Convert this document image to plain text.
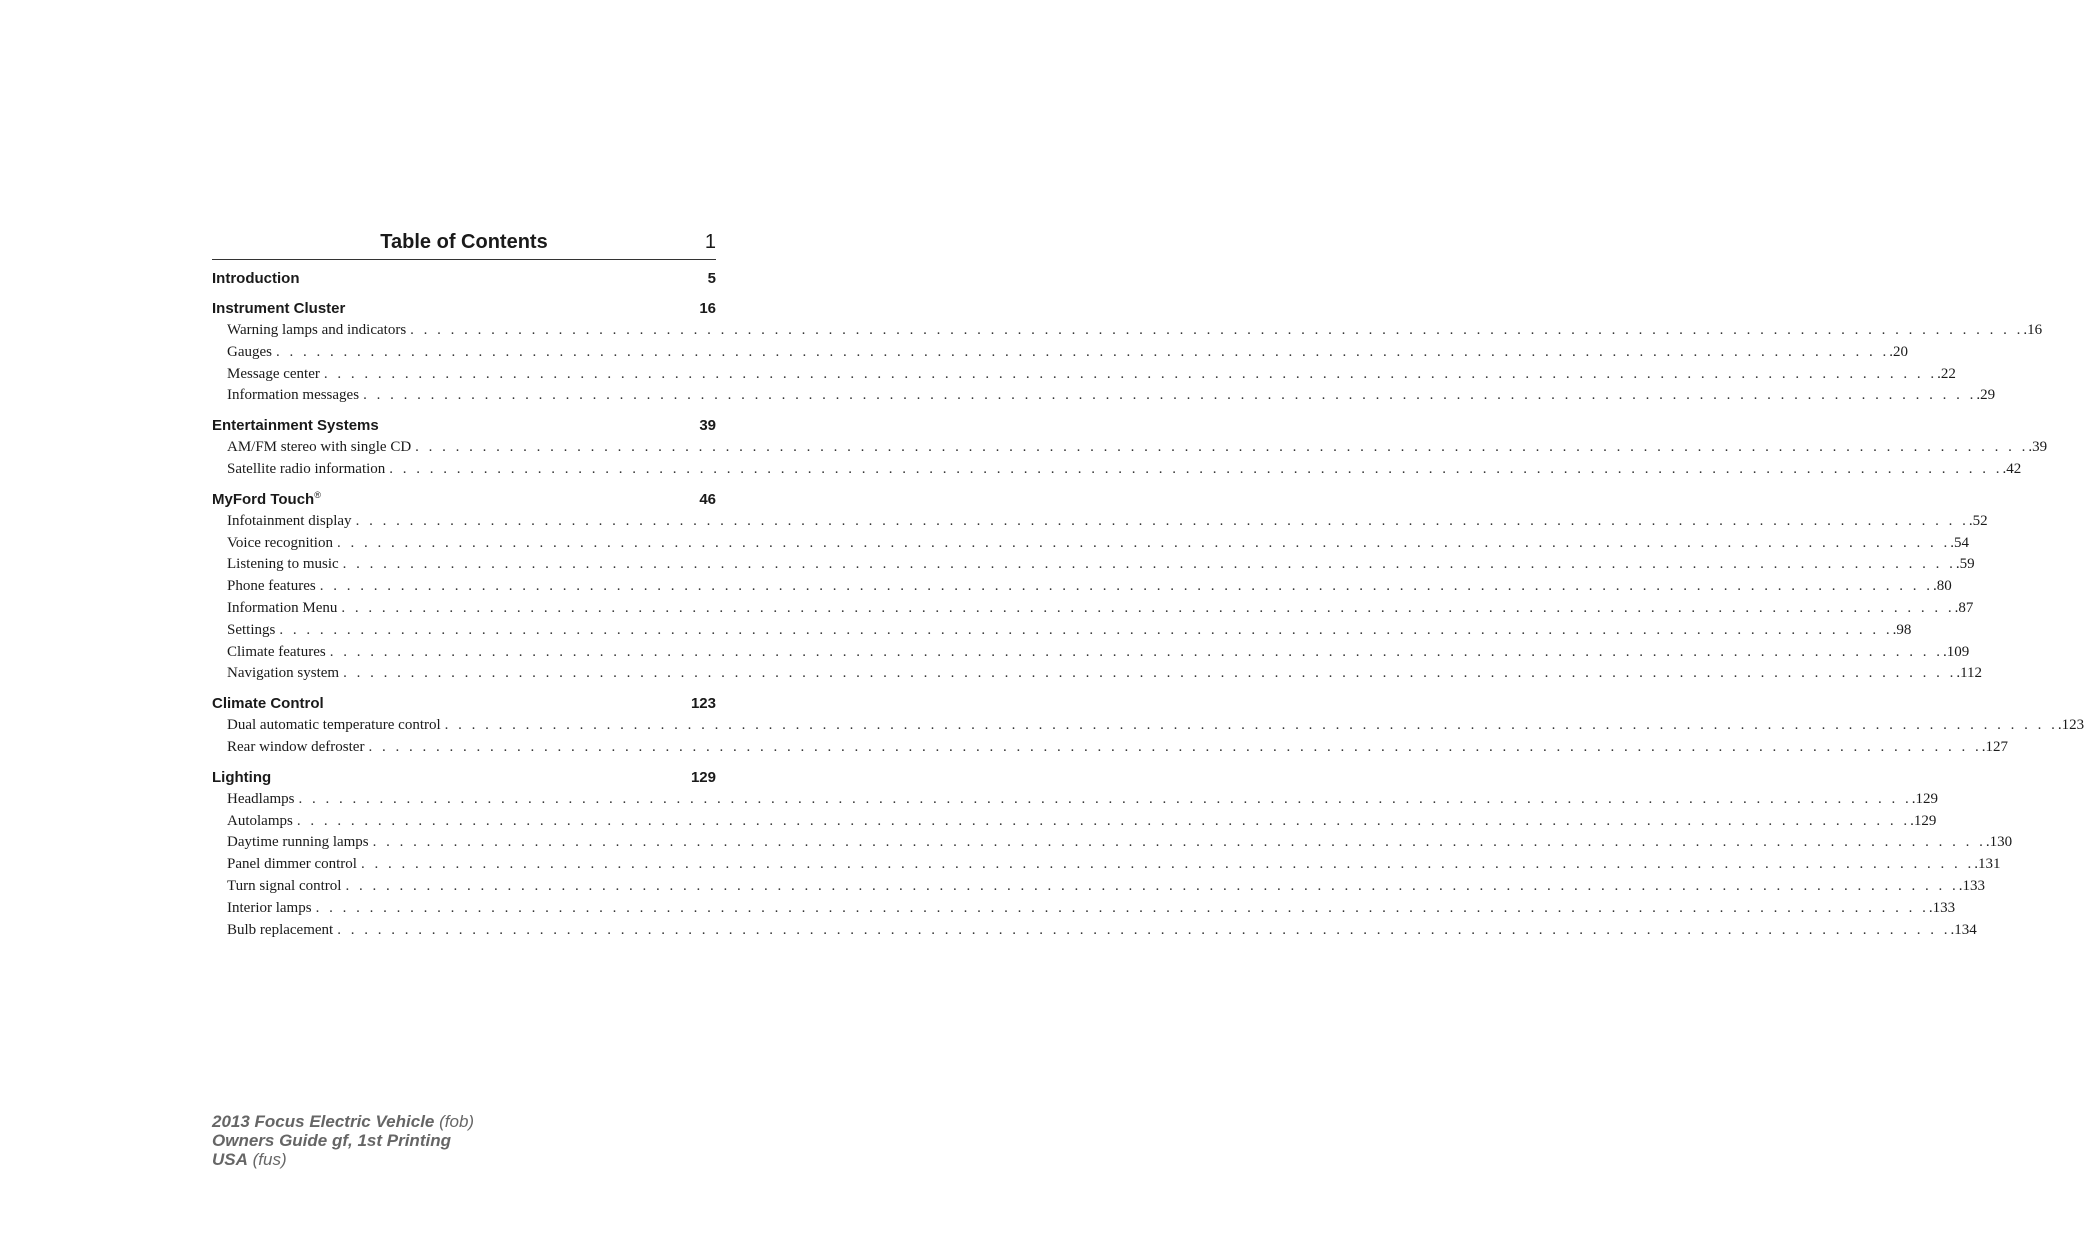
Table of Contents	1
Introduction	5
Instrument Cluster	16
Warning lamps and indicators . . . . . . . . . . . . . . . . . . . . . . . . . . . . . . . . . . . . . . . . . . . . . . . . . . . . . . . . . . . . . . . . . . . . . . . . . . . . . . . . . . . . . . . . . . . . . . . . . . . . . . . . . . . . . . . . . . . . . . . . .16
Gauges . . . . . . . . . . . . . . . . . . . . . . . . . . . . . . . . . . . . . . . . . . . . . . . . . . . . . . . . . . . . . . . . . . . . . . . . . . . . . . . . . . . . . . . . . . . . . . . . . . . . . . . . . . . . . . . . . . . . . . . . .20
Message center . . . . . . . . . . . . . . . . . . . . . . . . . . . . . . . . . . . . . . . . . . . . . . . . . . . . . . . . . . . . . . . . . . . . . . . . . . . . . . . . . . . . . . . . . . . . . . . . . . . . . . . . . . . . . . . . . . . . . . . . .22
Information messages . . . . . . . . . . . . . . . . . . . . . . . . . . . . . . . . . . . . . . . . . . . . . . . . . . . . . . . . . . . . . . . . . . . . . . . . . . . . . . . . . . . . . . . . . . . . . . . . . . . . . . . . . . . . . . . . . . . . . . . . .29
Entertainment Systems	39
AM/FM stereo with single CD . . . . . . . . . . . . . . . . . . . . . . . . . . . . . . . . . . . . . . . . . . . . . . . . . . . . . . . . . . . . . . . . . . . . . . . . . . . . . . . . . . . . . . . . . . . . . . . . . . . . . . . . . . . . . . . . . . . . . . . . .39
Satellite radio information . . . . . . . . . . . . . . . . . . . . . . . . . . . . . . . . . . . . . . . . . . . . . . . . . . . . . . . . . . . . . . . . . . . . . . . . . . . . . . . . . . . . . . . . . . . . . . . . . . . . . . . . . . . . . . . . . . . . . . . . .42
MyFord Touch®	46
Infotainment display . . . . . . . . . . . . . . . . . . . . . . . . . . . . . . . . . . . . . . . . . . . . . . . . . . . . . . . . . . . . . . . . . . . . . . . . . . . . . . . . . . . . . . . . . . . . . . . . . . . . . . . . . . . . . . . . . . . . . . . . .52
Voice recognition . . . . . . . . . . . . . . . . . . . . . . . . . . . . . . . . . . . . . . . . . . . . . . . . . . . . . . . . . . . . . . . . . . . . . . . . . . . . . . . . . . . . . . . . . . . . . . . . . . . . . . . . . . . . . . . . . . . . . . . . .54
Listening to music . . . . . . . . . . . . . . . . . . . . . . . . . . . . . . . . . . . . . . . . . . . . . . . . . . . . . . . . . . . . . . . . . . . . . . . . . . . . . . . . . . . . . . . . . . . . . . . . . . . . . . . . . . . . . . . . . . . . . . . . .59
Phone features . . . . . . . . . . . . . . . . . . . . . . . . . . . . . . . . . . . . . . . . . . . . . . . . . . . . . . . . . . . . . . . . . . . . . . . . . . . . . . . . . . . . . . . . . . . . . . . . . . . . . . . . . . . . . . . . . . . . . . . . .80
Information Menu . . . . . . . . . . . . . . . . . . . . . . . . . . . . . . . . . . . . . . . . . . . . . . . . . . . . . . . . . . . . . . . . . . . . . . . . . . . . . . . . . . . . . . . . . . . . . . . . . . . . . . . . . . . . . . . . . . . . . . . . .87
Settings . . . . . . . . . . . . . . . . . . . . . . . . . . . . . . . . . . . . . . . . . . . . . . . . . . . . . . . . . . . . . . . . . . . . . . . . . . . . . . . . . . . . . . . . . . . . . . . . . . . . . . . . . . . . . . . . . . . . . . . . .98
Climate features . . . . . . . . . . . . . . . . . . . . . . . . . . . . . . . . . . . . . . . . . . . . . . . . . . . . . . . . . . . . . . . . . . . . . . . . . . . . . . . . . . . . . . . . . . . . . . . . . . . . . . . . . . . . . . . . . . . . . . . . .109
Navigation system . . . . . . . . . . . . . . . . . . . . . . . . . . . . . . . . . . . . . . . . . . . . . . . . . . . . . . . . . . . . . . . . . . . . . . . . . . . . . . . . . . . . . . . . . . . . . . . . . . . . . . . . . . . . . . . . . . . . . . . . .112
Climate Control	123
Dual automatic temperature control . . . . . . . . . . . . . . . . . . . . . . . . . . . . . . . . . . . . . . . . . . . . . . . . . . . . . . . . . . . . . . . . . . . . . . . . . . . . . . . . . . . . . . . . . . . . . . . . . . . . . . . . . . . . . . . . . . . . . . . . .123
Rear window defroster . . . . . . . . . . . . . . . . . . . . . . . . . . . . . . . . . . . . . . . . . . . . . . . . . . . . . . . . . . . . . . . . . . . . . . . . . . . . . . . . . . . . . . . . . . . . . . . . . . . . . . . . . . . . . . . . . . . . . . . . .127
Lighting	129
Headlamps . . . . . . . . . . . . . . . . . . . . . . . . . . . . . . . . . . . . . . . . . . . . . . . . . . . . . . . . . . . . . . . . . . . . . . . . . . . . . . . . . . . . . . . . . . . . . . . . . . . . . . . . . . . . . . . . . . . . . . . . .129
Autolamps . . . . . . . . . . . . . . . . . . . . . . . . . . . . . . . . . . . . . . . . . . . . . . . . . . . . . . . . . . . . . . . . . . . . . . . . . . . . . . . . . . . . . . . . . . . . . . . . . . . . . . . . . . . . . . . . . . . . . . . . .129
Daytime running lamps . . . . . . . . . . . . . . . . . . . . . . . . . . . . . . . . . . . . . . . . . . . . . . . . . . . . . . . . . . . . . . . . . . . . . . . . . . . . . . . . . . . . . . . . . . . . . . . . . . . . . . . . . . . . . . . . . . . . . . . . .130
Panel dimmer control . . . . . . . . . . . . . . . . . . . . . . . . . . . . . . . . . . . . . . . . . . . . . . . . . . . . . . . . . . . . . . . . . . . . . . . . . . . . . . . . . . . . . . . . . . . . . . . . . . . . . . . . . . . . . . . . . . . . . . . . .131
Turn signal control . . . . . . . . . . . . . . . . . . . . . . . . . . . . . . . . . . . . . . . . . . . . . . . . . . . . . . . . . . . . . . . . . . . . . . . . . . . . . . . . . . . . . . . . . . . . . . . . . . . . . . . . . . . . . . . . . . . . . . . . .133
Interior lamps . . . . . . . . . . . . . . . . . . . . . . . . . . . . . . . . . . . . . . . . . . . . . . . . . . . . . . . . . . . . . . . . . . . . . . . . . . . . . . . . . . . . . . . . . . . . . . . . . . . . . . . . . . . . . . . . . . . . . . . . .133
Bulb replacement . . . . . . . . . . . . . . . . . . . . . . . . . . . . . . . . . . . . . . . . . . . . . . . . . . . . . . . . . . . . . . . . . . . . . . . . . . . . . . . . . . . . . . . . . . . . . . . . . . . . . . . . . . . . . . . . . . . . . . . . .134
2013 Focus Electric Vehicle (fob)
Owners Guide gf, 1st Printing
USA (fus)
